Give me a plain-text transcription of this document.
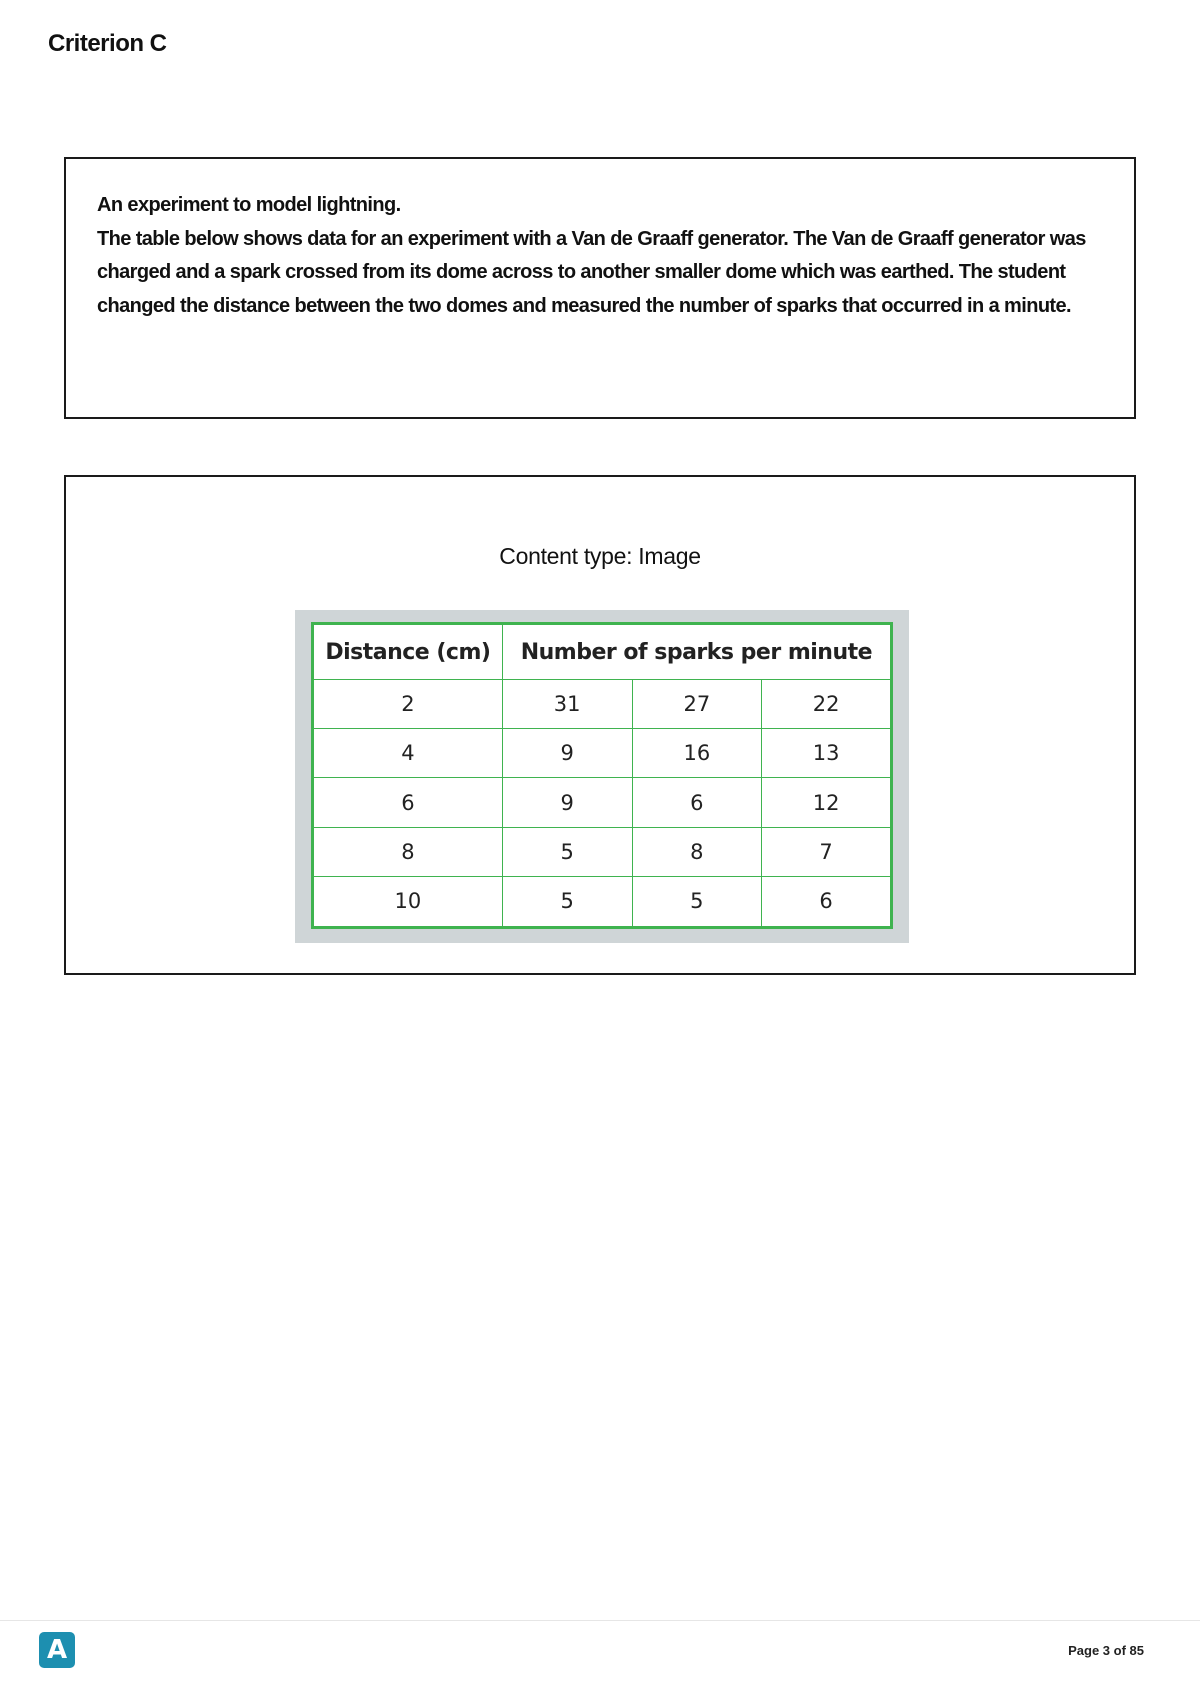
Criterion C

An experiment to model lightning.

The table below shows data for an experiment with a Van de Graaff generator. The Van de Graaff generator was charged and a spark crossed from its dome across to another smaller dome which was earthed. The student changed the distance between the two domes and measured the number of sparks that occurred in a minute.

Content type: Image
Distance (cm)	Number of sparks per minute		
2	31	27	22
4	9	16	13
6	9	6	12
8	5	8	7
10	5	5	6
A	Page 3 of 85
